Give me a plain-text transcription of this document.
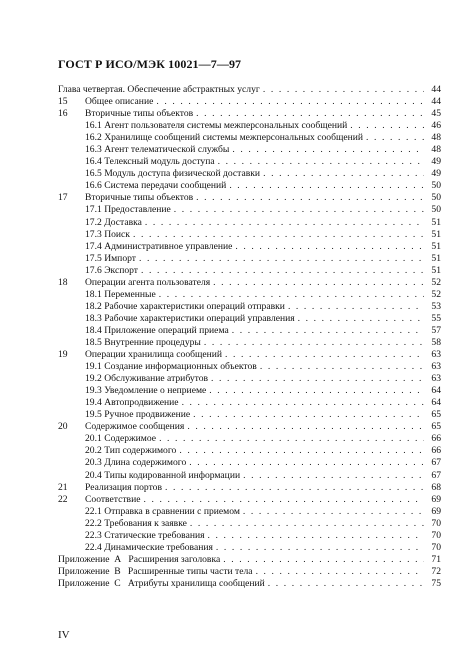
ГОСТ Р ИСО/МЭК 10021—7—97
Глава четвертая. Обеспечение абстрактных услуг . . .	44
15	Общее описание . . .	44
16	Вторичные типы объектов . . .	45
16.1 Агент пользователя системы межперсональных сообщений . . .	46
16.2 Хранилище сообщений системы межперсональных сообщений . . .	48
16.3 Агент телематической службы . . .	48
16.4 Телексный модуль доступа . . .	49
16.5 Модуль доступа физической доставки . . .	49
16.6 Система передачи сообщений . . .	50
17	Вторичные типы объектов . . .	50
17.1 Предоставление . . .	50
17.2 Доставка . . .	51
17.3 Поиск . . .	51
17.4 Административное управление . . .	51
17.5 Импорт . . .	51
17.6 Экспорт . . .	51
18	Операции агента пользователя . . .	52
18.1 Переменные . . .	52
18.2 Рабочие характеристики операций отправки . . .	53
18.3 Рабочие характеристики операций управления . . .	55
18.4 Приложение операций приема . . .	57
18.5 Внутренние процедуры . . .	58
19	Операции хранилища сообщений . . .	63
19.1 Создание информационных объектов . . .	63
19.2 Обслуживание атрибутов . . .	63
19.3 Уведомление о неприеме . . .	64
19.4 Автопродвижение . . .	64
19.5 Ручное продвижение . . .	65
20	Содержимое сообщения . . .	65
20.1 Содержимое . . .	66
20.2 Тип содержимого . . .	66
20.3 Длина содержимого . . .	67
20.4 Типы кодированной информации . . .	67
21	Реализация портов . . .	68
22	Соответствие . . .	69
22.1 Отправка в сравнении с приемом . . .	69
22.2 Требования к заявке . . .	70
22.3 Статические требования . . .	70
22.4 Динамические требования . . .	70
Приложение  А   Расширения заголовка . . .	71
Приложение  В   Расширенные типы части тела . . .	72
Приложение  С   Атрибуты хранилища сообщений . . .	75
IV
